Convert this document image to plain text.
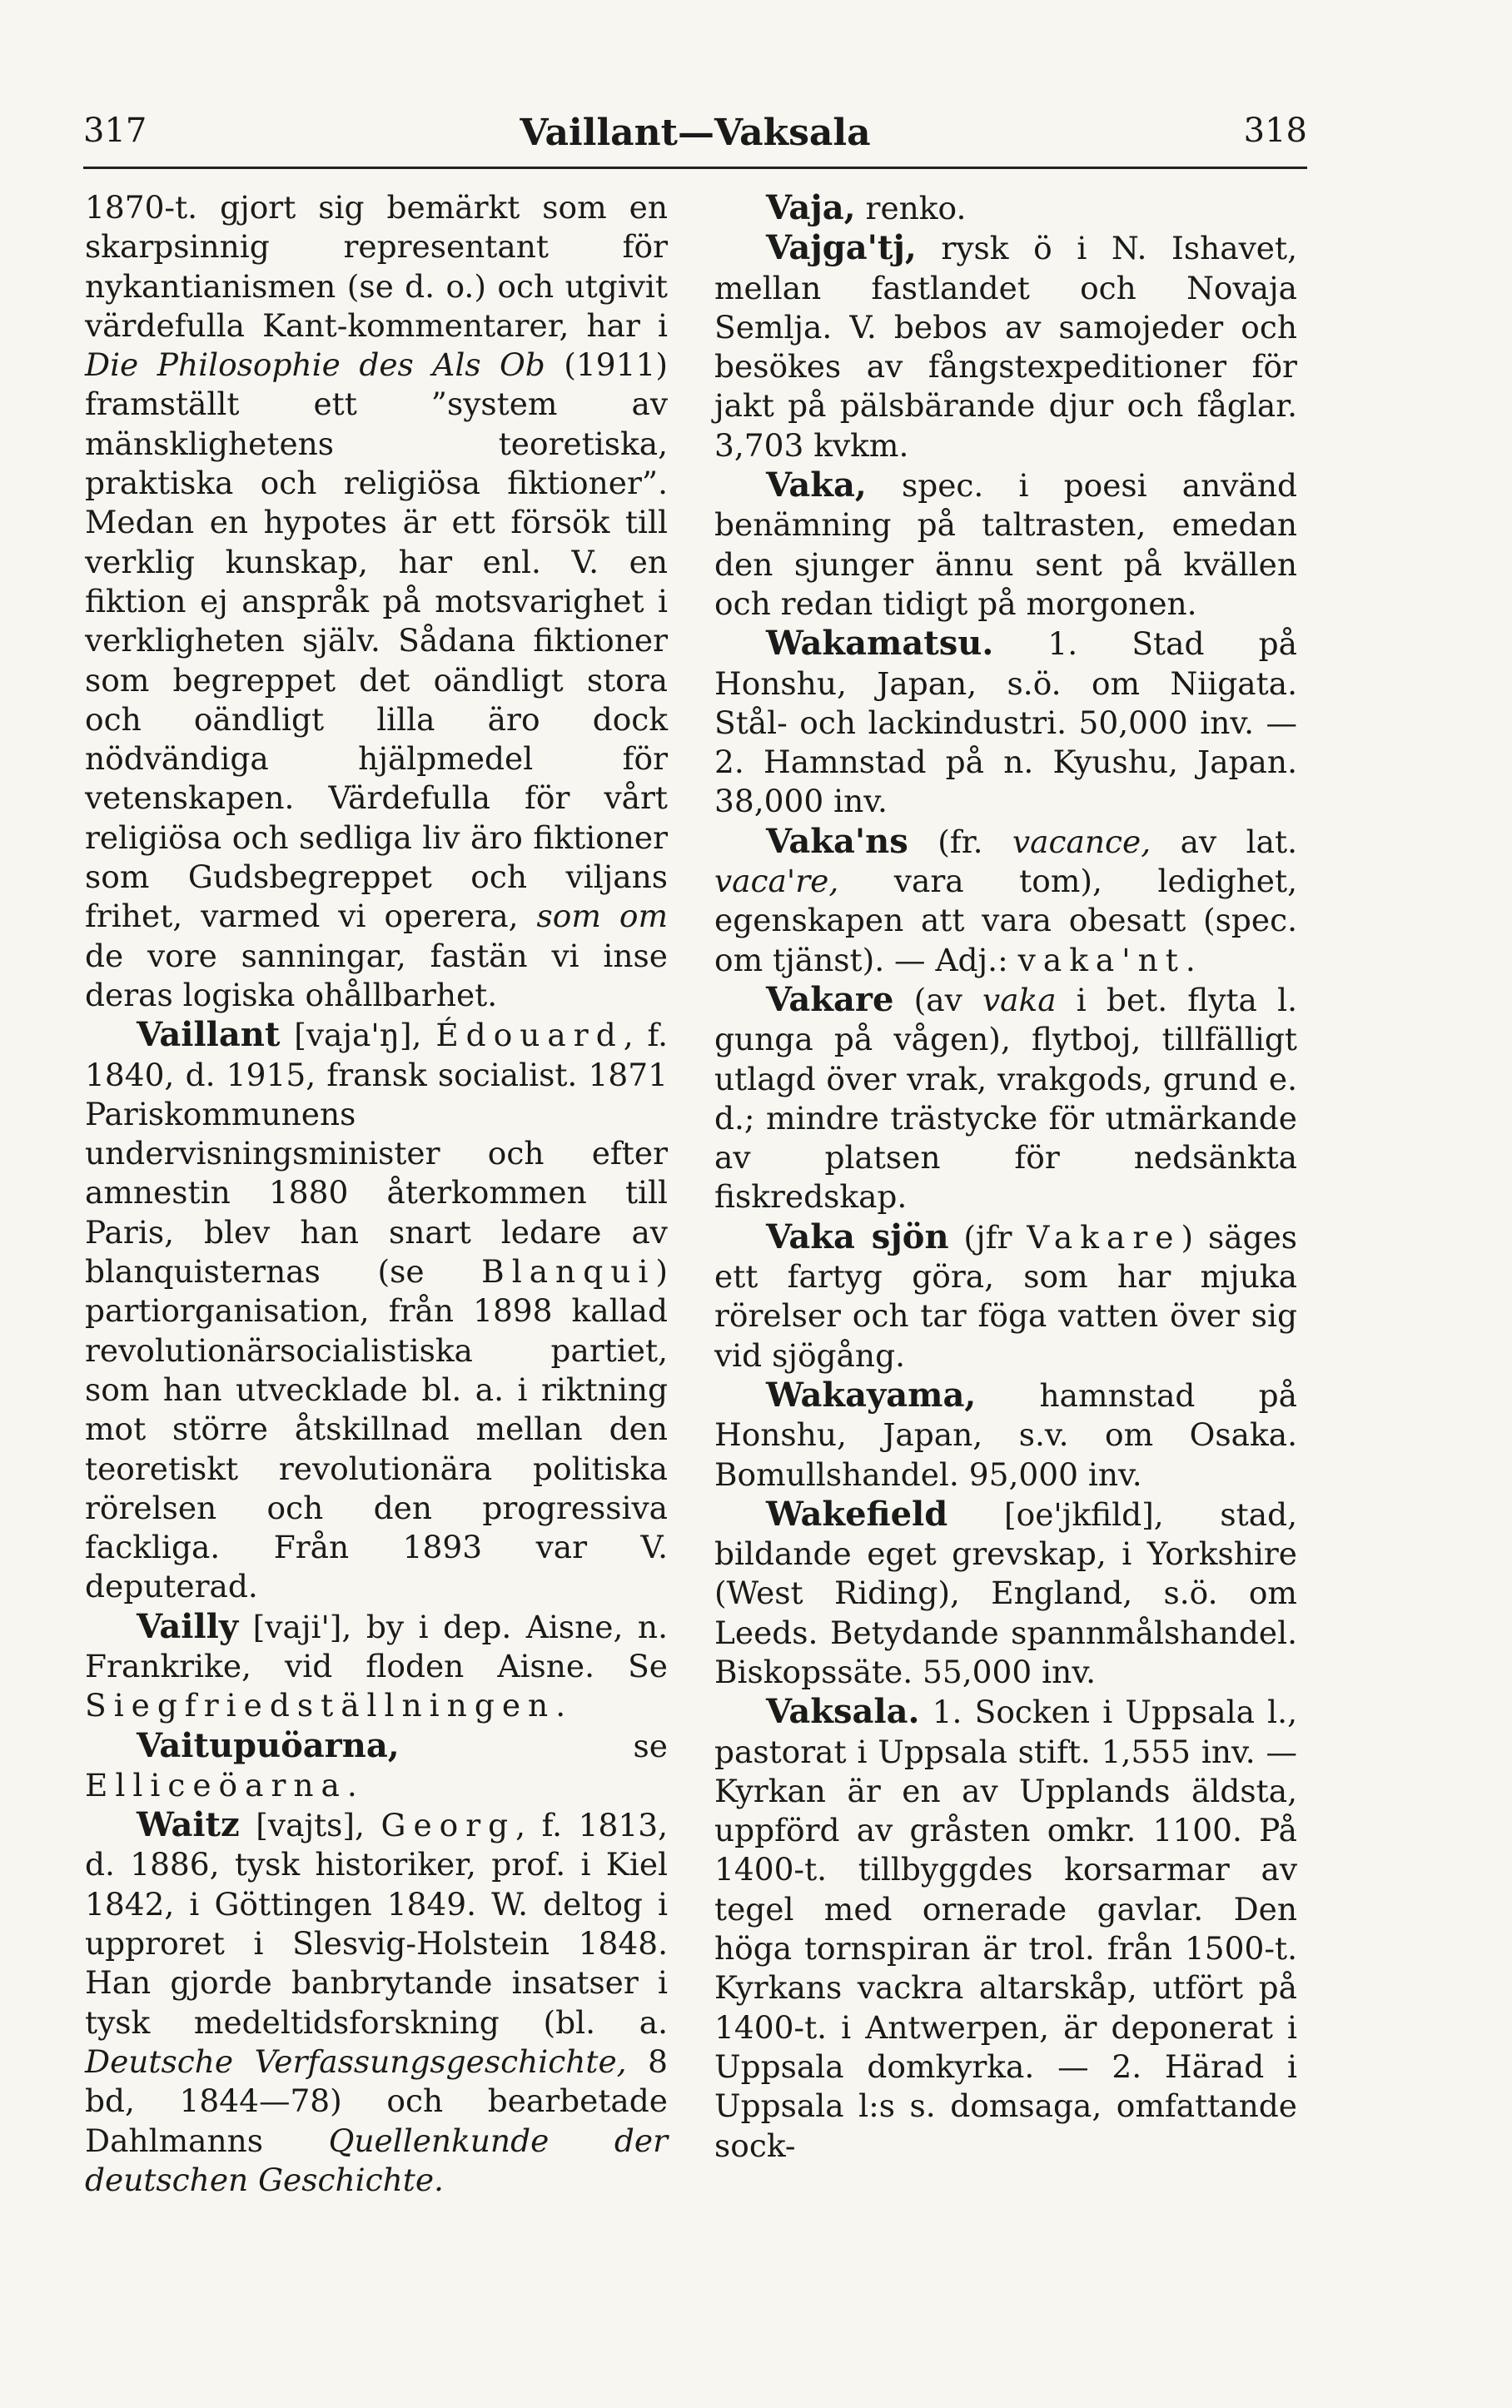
317	Vaillant—Vaksala	318

1870-t. gjort sig bemärkt som en skarpsinnig representant för nykantianismen (se d. o.) och utgivit värdefulla Kant-kommentarer, har i Die Philosophie des Als Ob (1911) framställt ett ”system av mänsklighetens teoretiska, praktiska och religiösa fiktioner”. Medan en hypotes är ett försök till verklig kunskap, har enl. V. en fiktion ej anspråk på motsvarighet i verkligheten själv. Sådana fiktioner som begreppet det oändligt stora och oändligt lilla äro dock nödvändiga hjälpmedel för vetenskapen. Värdefulla för vårt religiösa och sedliga liv äro fiktioner som Gudsbegreppet och viljans frihet, varmed vi operera, som om de vore sanningar, fastän vi inse deras logiska ohållbarhet.

Vaillant [vaja'ŋ], Édouard, f. 1840, d. 1915, fransk socialist. 1871 Pariskommunens undervisningsminister och efter amnestin 1880 återkommen till Paris, blev han snart ledare av blanquisternas (se Blanqui) partiorganisation, från 1898 kallad revolutionärsocialistiska partiet, som han utvecklade bl. a. i riktning mot större åtskillnad mellan den teoretiskt revolutionära politiska rörelsen och den progressiva fackliga. Från 1893 var V. deputerad.

Vailly [vaji'], by i dep. Aisne, n. Frankrike, vid floden Aisne. Se Siegfriedställningen.

Vaitupuöarna, se Elliceöarna.

Waitz [vajts], Georg, f. 1813, d. 1886, tysk historiker, prof. i Kiel 1842, i Göttingen 1849. W. deltog i upproret i Slesvig-Holstein 1848. Han gjorde banbrytande insatser i tysk medeltidsforskning (bl. a. Deutsche Verfassungsgeschichte, 8 bd, 1844—78) och bearbetade Dahlmanns Quellenkunde der deutschen Geschichte.

Vaja, renko.

Vajga'tj, rysk ö i N. Ishavet, mellan fastlandet och Novaja Semlja. V. bebos av samojeder och besökes av fångstexpeditioner för jakt på pälsbärande djur och fåglar. 3,703 kvkm.

Vaka, spec. i poesi använd benämning på taltrasten, emedan den sjunger ännu sent på kvällen och redan tidigt på morgonen.

Wakamatsu. 1. Stad på Honshu, Japan, s.ö. om Niigata. Stål- och lackindustri. 50,000 inv. — 2. Hamnstad på n. Kyushu, Japan. 38,000 inv.

Vaka'ns (fr. vacance, av lat. vaca're, vara tom), ledighet, egenskapen att vara obesatt (spec. om tjänst). — Adj.: vaka'nt.

Vakare (av vaka i bet. flyta l. gunga på vågen), flytboj, tillfälligt utlagd över vrak, vrakgods, grund e. d.; mindre trästycke för utmärkande av platsen för nedsänkta fiskredskap.

Vaka sjön (jfr Vakare) säges ett fartyg göra, som har mjuka rörelser och tar föga vatten över sig vid sjögång.

Wakayama, hamnstad på Honshu, Japan, s.v. om Osaka. Bomullshandel. 95,000 inv.

Wakefield [oe'jkfild], stad, bildande eget grevskap, i Yorkshire (West Riding), England, s.ö. om Leeds. Betydande spannmålshandel. Biskopssäte. 55,000 inv.

Vaksala. 1. Socken i Uppsala l., pastorat i Uppsala stift. 1,555 inv. — Kyrkan är en av Upplands äldsta, uppförd av gråsten omkr. 1100. På 1400-t. tillbyggdes korsarmar av tegel med ornerade gavlar. Den höga tornspiran är trol. från 1500-t. Kyrkans vackra altarskåp, utfört på 1400-t. i Antwerpen, är deponerat i Uppsala domkyrka. — 2. Härad i Uppsala l:s s. domsaga, omfattande sock-
